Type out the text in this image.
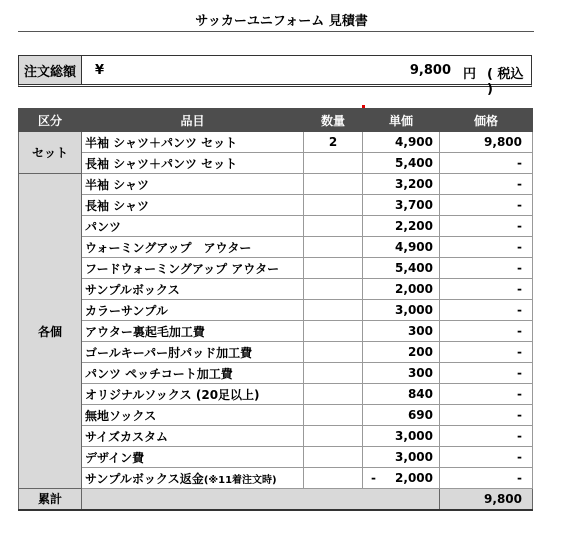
サッカーユニフォーム 見積書
注文総額	¥	9,800 円 ( 税込 )
区分	品目	数量	単価	価格
セット	半袖 シャツ＋パンツ セット	2	4,900	9,800
	長袖 シャツ＋パンツ セット		5,400	-
各個	半袖 シャツ		3,200	-
	長袖 シャツ		3,700	-
	パンツ		2,200	-
	ウォーミングアップ　アウター		4,900	-
	フードウォーミングアップ アウター		5,400	-
	サンプルボックス		2,000	-
	カラーサンプル		3,000	-
	アウター裏起毛加工費		300	-
	ゴールキーパー肘パッド加工費		200	-
	パンツ ペッチコート加工費		300	-
	オリジナルソックス (20足以上)		840	-
	無地ソックス		690	-
	サイズカスタム		3,000	-
	デザイン費		3,000	-
	サンプルボックス返金(※11着注文時)		- 2,000	-
累計				9,800
